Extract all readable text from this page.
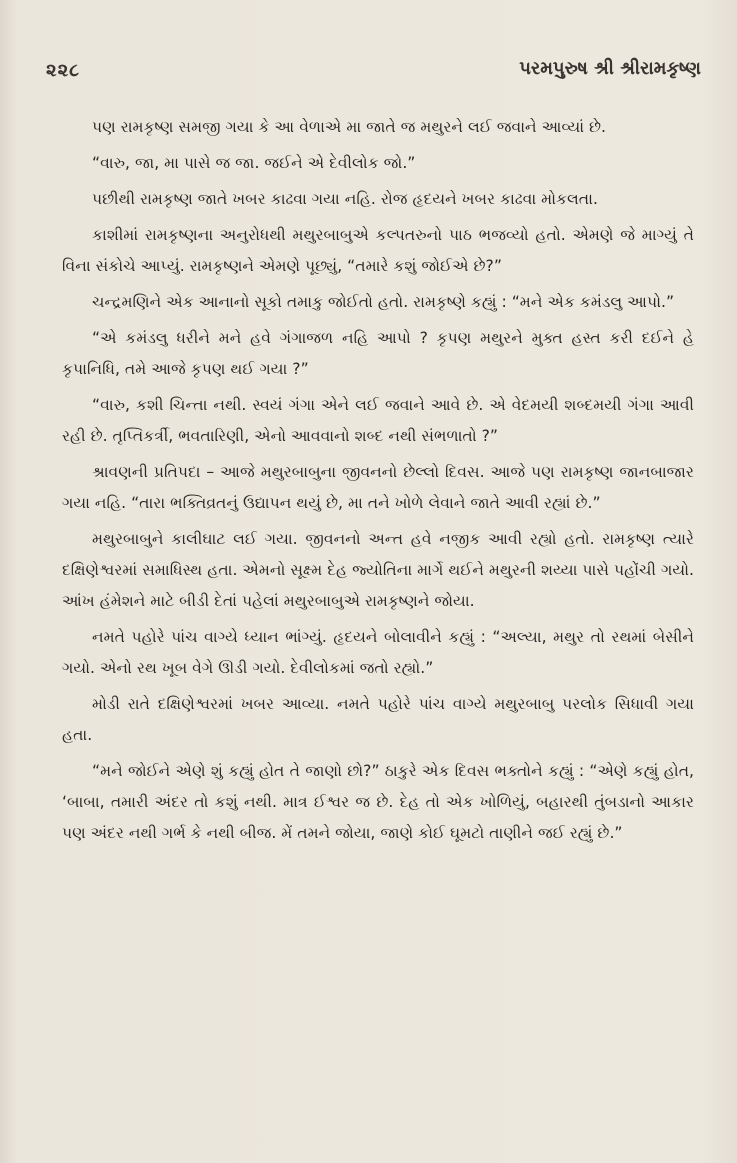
૨૨૮	પરમપુરુષ શ્રી શ્રીરામકૃષ્ણ

પણ રામકૃષ્ણ સમજી ગયા કે આ વેળાએ મા જાતે જ મથુરને લઈ જવાને આવ્યાં છે.

“વારુ, જા, મા પાસે જ જા. જઈને એ દેવીલોક જો.”

પછીથી રામકૃષ્ણ જાતે ખબર કાઢવા ગયા નહિ. રોજ હૃદયને ખબર કાઢવા મોકલતા.

કાશીમાં રામકૃષ્ણના અનુરોધથી મથુરબાબુએ કલ્પતરુનો પાઠ ભજવ્યો હતો. એમણે જે માગ્યું તે વિના સંકોચે આપ્યું. રામકૃષ્ણને એમણે પૂછ્યું, “તમારે કશું જોઈએ છે?”

ચન્દ્રમણિને એક આનાનો સૂકો તમાકુ જોઈતો હતો. રામકૃષ્ણે કહ્યું : “મને એક કમંડલુ આપો.”

“એ કમંડલુ ધરીને મને હવે ગંગાજળ નહિ આપો ? કૃપણ મથુરને મુક્ત હસ્ત કરી દઈને હે કૃપાનિધિ, તમે આજે કૃપણ થઈ ગયા ?”

“વારુ, કશી ચિન્તા નથી. સ્વયં ગંગા એને લઈ જવાને આવે છે. એ વેદમયી શબ્દમયી ગંગા આવી રહી છે. તૃપ્તિકર્ત્રી, ભવતારિણી, એનો આવવાનો શબ્દ નથી સંભળાતો ?”

શ્રાવણની પ્રતિપદા – આજે મથુરબાબુના જીવનનો છેલ્લો દિવસ. આજે પણ રામકૃષ્ણ જાનબાજાર ગયા નહિ. “તારા ભક્તિવ્રતનું ઉદ્યાપન થયું છે, મા તને ખોળે લેવાને જાતે આવી રહ્યાં છે.”

મથુરબાબુને કાલીઘાટ લઈ ગયા. જીવનનો અન્ત હવે નજીક આવી રહ્યો હતો. રામકૃષ્ણ ત્યારે દક્ષિણેશ્વરમાં સમાધિસ્થ હતા. એમનો સૂક્ષ્મ દેહ જ્યોતિના માર્ગે થઈને મથુરની શય્યા પાસે પહોંચી ગયો. આંખ હંમેશને માટે બીડી દેતાં પહેલાં મથુરબાબુએ રામકૃષ્ણને જોયા.

નમતે પહોરે પાંચ વાગ્યે ધ્યાન ભાંગ્યું. હૃદયને બોલાવીને કહ્યું : “અલ્યા, મથુર તો રથમાં બેસીને ગયો. એનો રથ ખૂબ વેગે ઊડી ગયો. દેવીલોકમાં જતો રહ્યો.”

મોડી રાતે દક્ષિણેશ્વરમાં ખબર આવ્યા. નમતે પહોરે પાંચ વાગ્યે મથુરબાબુ પરલોક સિધાવી ગયા હતા.

“મને જોઈને એણે શું કહ્યું હોત તે જાણો છો?” ઠાકુરે એક દિવસ ભક્તોને કહ્યું : “એણે કહ્યું હોત, ‘બાબા, તમારી અંદર તો કશું નથી. માત્ર ઈશ્વર જ છે. દેહ તો એક ખોળિયું, બહારથી તુંબડાનો આકાર પણ અંદર નથી ગર્ભ કે નથી બીજ. મેં તમને જોયા, જાણે કોઈ ઘૂમટો તાણીને જઈ રહ્યું છે.”
